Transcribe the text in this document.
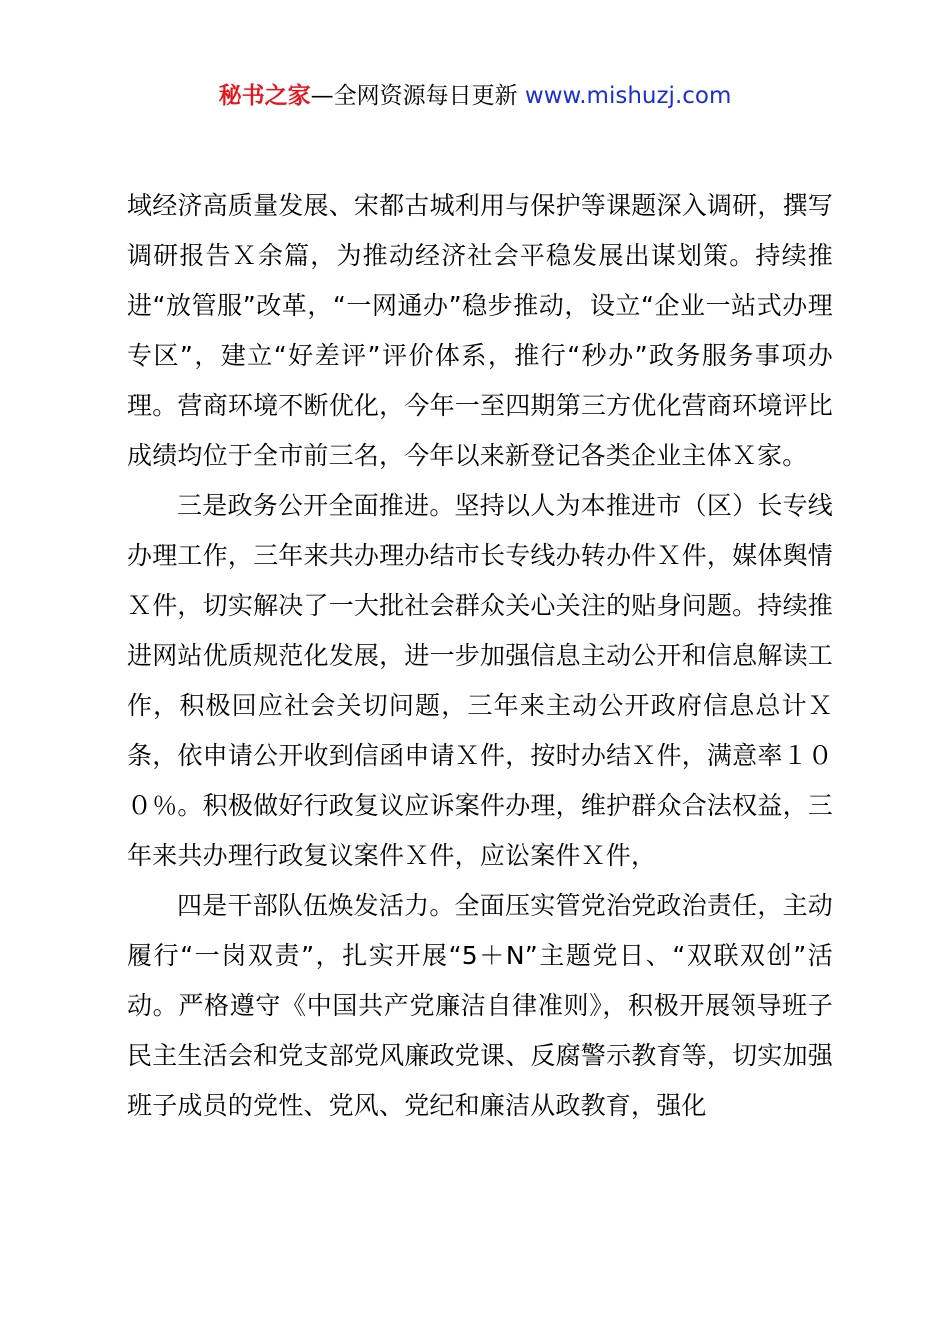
秘书之家—全网资源每日更新 www.mishuzj.com

域经济高质量发展、宋都古城利用与保护等课题深入调研，撰写调研报告Ｘ余篇，为推动经济社会平稳发展出谋划策。持续推进“放管服”改革，“一网通办”稳步推动，设立“企业一站式办理专区”，建立“好差评”评价体系，推行“秒办”政务服务事项办理。营商环境不断优化，今年一至四期第三方优化营商环境评比成绩均位于全市前三名，今年以来新登记各类企业主体Ｘ家。

三是政务公开全面推进。坚持以人为本推进市（区）长专线办理工作，三年来共办理办结市长专线办转办件Ｘ件，媒体舆情Ｘ件，切实解决了一大批社会群众关心关注的贴身问题。持续推进网站优质规范化发展，进一步加强信息主动公开和信息解读工作，积极回应社会关切问题，三年来主动公开政府信息总计Ｘ条，依申请公开收到信函申请Ｘ件，按时办结Ｘ件，满意率１００％。积极做好行政复议应诉案件办理，维护群众合法权益，三年来共办理行政复议案件Ｘ件，应讼案件Ｘ件，

四是干部队伍焕发活力。全面压实管党治党政治责任，主动履行“一岗双责”，扎实开展“5＋N”主题党日、“双联双创”活动。严格遵守《中国共产党廉洁自律准则》，积极开展领导班子民主生活会和党支部党风廉政党课、反腐警示教育等，切实加强班子成员的党性、党风、党纪和廉洁从政教育，强化
